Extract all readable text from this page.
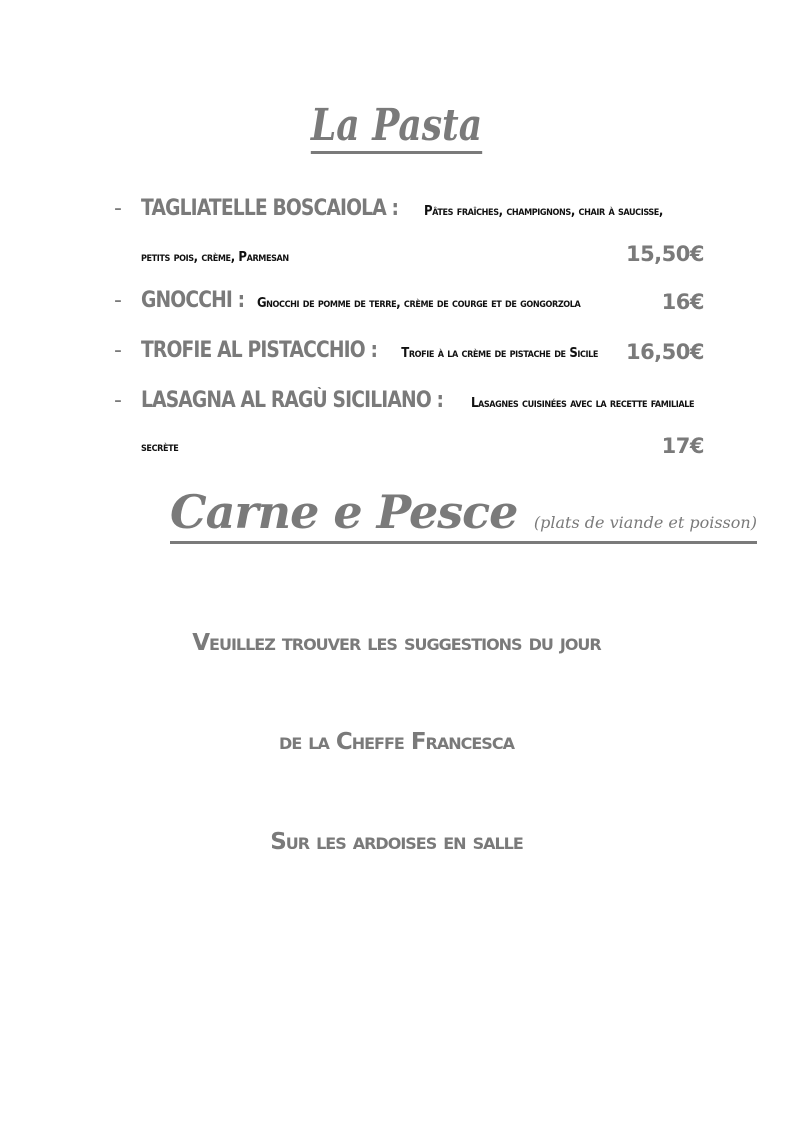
La Pasta
- TAGLIATELLE BOSCAIOLA : Pâtes fraîches, champignons, chair à saucisse,
petits pois, crème, Parmesan	15,50€
- GNOCCHI : Gnocchi de pomme de terre, crème de courge et de gongorzola	16€
- TROFIE AL PISTACCHIO : Trofie à la crème de pistache de Sicile 16,50€
- LASAGNA AL RAGÙ SICILIANO : Lasagnes cuisinées avec la recette familiale
secrète	17€
Carne e Pesce (plats de viande et poisson)
Veuillez trouver les suggestions du jour
de la Cheffe Francesca
Sur les ardoises en salle
